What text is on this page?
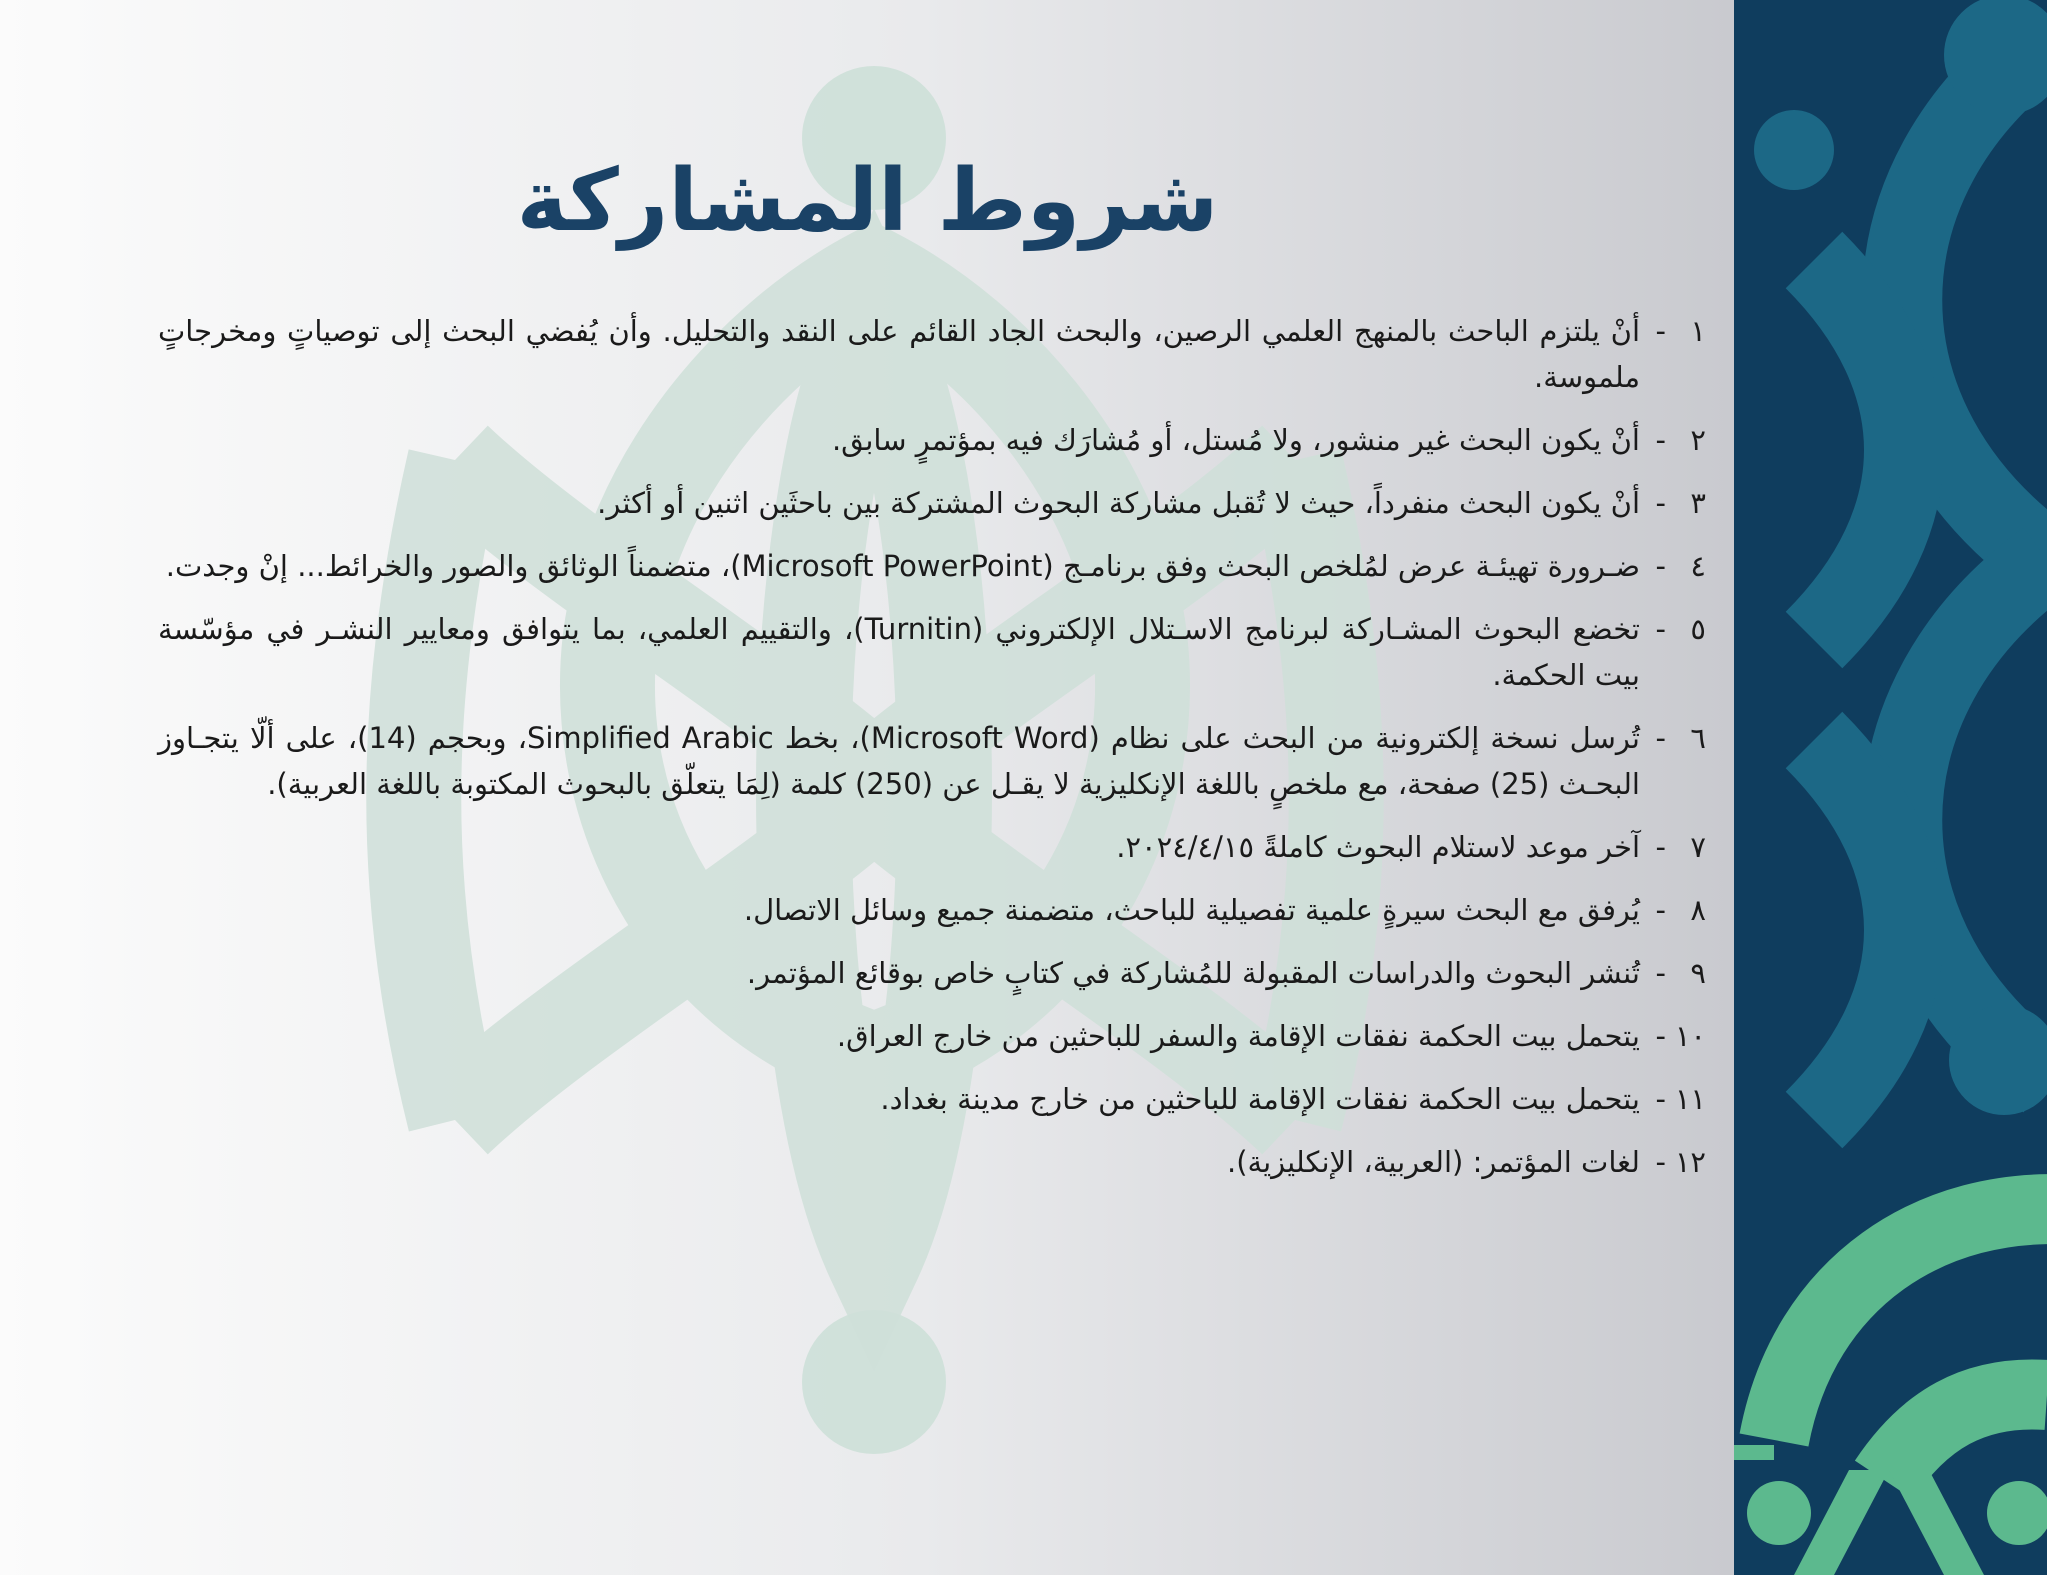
شروط المشاركة
١
-
أنْ يلتزم الباحث بالمنهج العلمي الرصين، والبحث الجاد القائم على النقد والتحليل. وأن يُفضي البحث إلى توصياتٍ ومخرجاتٍ ملموسة.
٢
-
أنْ يكون البحث غير منشور، ولا مُستل، أو مُشارَك فيه بمؤتمرٍ سابق.
٣
-
أنْ يكون البحث منفرداً، حيث لا تُقبل مشاركة البحوث المشتركة بين باحثَين اثنين أو أكثر.
٤
-
ضـرورة تهيئـة عرض لمُلخص البحث وفق برنامـج (Microsoft PowerPoint)، متضمناً الوثائق والصور والخرائط... إنْ وجدت.
٥
-
تخضع البحوث المشـاركة لبرنامج الاسـتلال الإلكتروني (Turnitin)، والتقييم العلمي، بما يتوافق ومعايير النشـر في مؤسّسة بيت الحكمة.
٦
-
تُرسل نسخة إلكترونية من البحث على نظام (Microsoft Word)، بخط Simplified Arabic، وبحجم (14)، على ألّا يتجـاوز البحـث (25) صفحة، مع ملخصٍ باللغة الإنكليزية لا يقـل عن (250) كلمة (لِمَا يتعلّق بالبحوث المكتوبة باللغة العربية).
٧
-
آخر موعد لاستلام البحوث كاملةً ٢٠٢٤/٤/١٥.
٨
-
يُرفق مع البحث سيرةٍ علمية تفصيلية للباحث، متضمنة جميع وسائل الاتصال.
٩
-
تُنشر البحوث والدراسات المقبولة للمُشاركة في كتابٍ خاص بوقائع المؤتمر.
١٠
-
يتحمل بيت الحكمة نفقات الإقامة والسفر للباحثين من خارج العراق.
١١
-
يتحمل بيت الحكمة نفقات الإقامة للباحثين من خارج مدينة بغداد.
١٢
-
لغات المؤتمر: (العربية، الإنكليزية).
